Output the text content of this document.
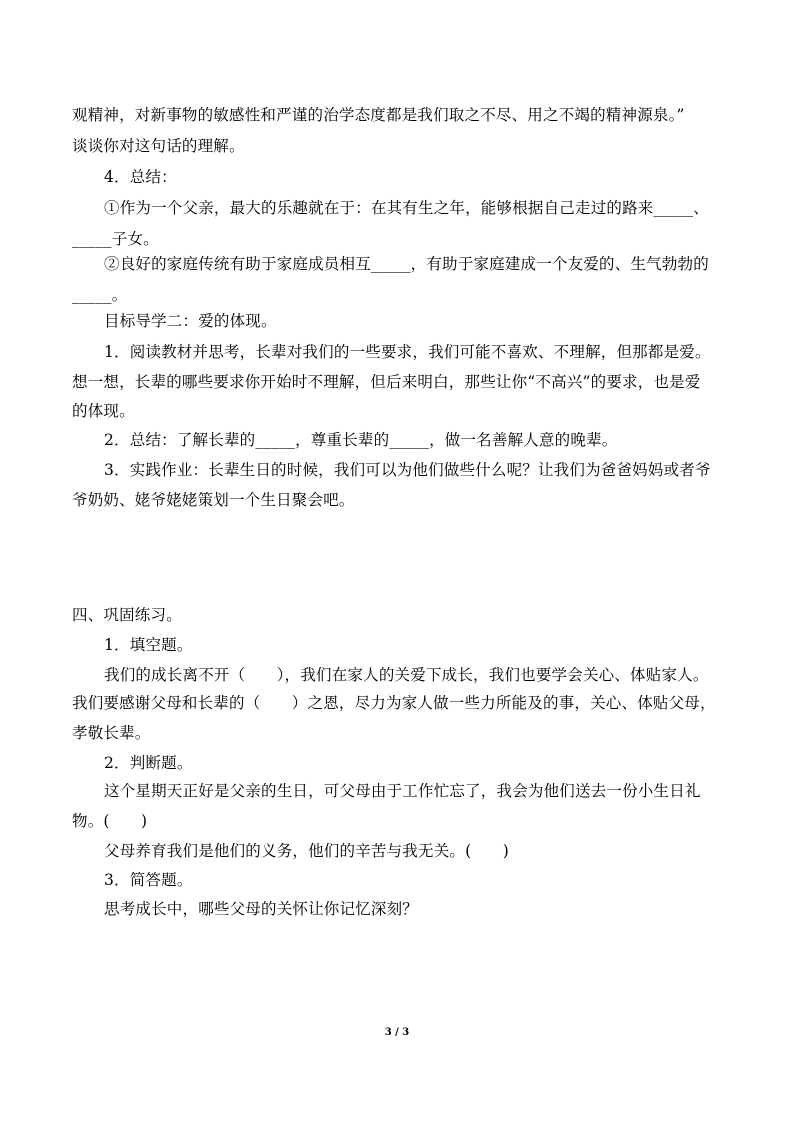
观精神，对新事物的敏感性和严谨的治学态度都是我们取之不尽、用之不竭的精神源泉。”
谈谈你对这句话的理解。
4．总结：
①作为一个父亲，最大的乐趣就在于：在其有生之年，能够根据自己走过的路来_____、
_____子女。
②良好的家庭传统有助于家庭成员相互_____，有助于家庭建成一个友爱的、生气勃勃的
_____。
目标导学二：爱的体现。
1．阅读教材并思考，长辈对我们的一些要求，我们可能不喜欢、不理解，但那都是爱。
想一想，长辈的哪些要求你开始时不理解，但后来明白，那些让你“不高兴”的要求，也是爱
的体现。
2．总结：了解长辈的_____，尊重长辈的_____，做一名善解人意的晚辈。
3．实践作业：长辈生日的时候，我们可以为他们做些什么呢？让我们为爸爸妈妈或者爷
爷奶奶、姥爷姥姥策划一个生日聚会吧。
四、巩固练习。
1．填空题。
我们的成长离不开（　　），我们在家人的关爱下成长，我们也要学会关心、体贴家人。
我们要感谢父母和长辈的（　　）之恩，尽力为家人做一些力所能及的事，关心、体贴父母，
孝敬长辈。
2．判断题。
这个星期天正好是父亲的生日，可父母由于工作忙忘了，我会为他们送去一份小生日礼
物。(　　)
父母养育我们是他们的义务，他们的辛苦与我无关。(　　)
3．简答题。
思考成长中，哪些父母的关怀让你记忆深刻？
3 / 3
